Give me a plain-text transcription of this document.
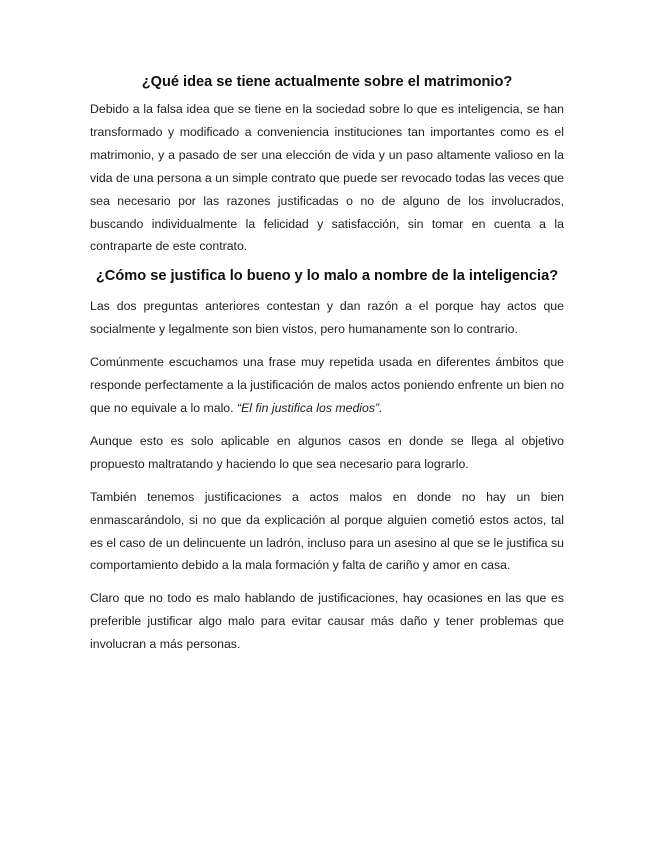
¿Qué idea se tiene actualmente sobre el matrimonio?

Debido a la falsa idea que se tiene en la sociedad sobre lo que es inteligencia, se han transformado y modificado a conveniencia instituciones tan importantes como es el matrimonio, y a pasado de ser una elección de vida y un paso altamente valioso en la vida de una persona a un simple contrato que puede ser revocado todas las veces que sea necesario por las razones justificadas o no de alguno de los involucrados, buscando individualmente la felicidad y satisfacción, sin tomar en cuenta a la contraparte de este contrato.

¿Cómo se justifica lo bueno y lo malo a nombre de la inteligencia?

Las dos preguntas anteriores contestan y dan razón a el porque hay actos que socialmente y legalmente son bien vistos, pero humanamente son lo contrario.

Comúnmente escuchamos una frase muy repetida usada en diferentes ámbitos que responde perfectamente a la justificación de malos actos poniendo enfrente un bien no que no equivale a lo malo. “El fin justifica los medios”.

Aunque esto es solo aplicable en algunos casos en donde se llega al objetivo propuesto maltratando y haciendo lo que sea necesario para lograrlo.

También tenemos justificaciones a actos malos en donde no hay un bien enmascarándolo, si no que da explicación al porque alguien cometió estos actos, tal es el caso de un delincuente un ladrón, incluso para un asesino al que se le justifica su comportamiento debido a la mala formación y falta de cariño y amor en casa.

Claro que no todo es malo hablando de justificaciones, hay ocasiones en las que es preferible justificar algo malo para evitar causar más daño y tener problemas que involucran a más personas.
